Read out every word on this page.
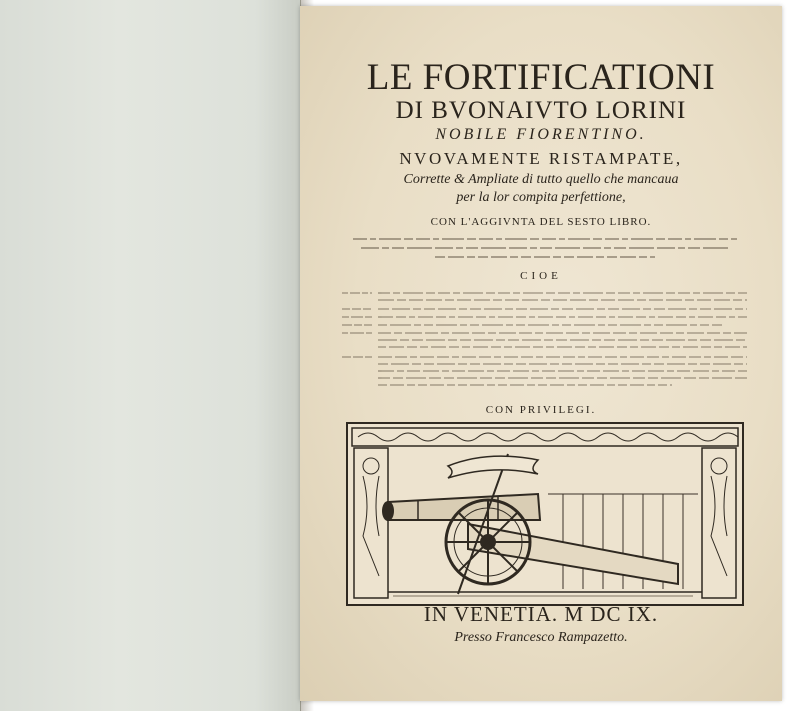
LE FORTIFICATIONI
DI BVONAIVTO LORINI
NOBILE FIORENTINO.
NVOVAMENTE RISTAMPATE,
Corrette & Ampliate di tutto quello che mancaua
per la lor compita perfettione,
CON L'AGGIVNTA DEL SESTO LIBRO.
CIOE
CON PRIVILEGI.
IN VENETIA. M DC IX.
Presso Francesco Rampazetto.
